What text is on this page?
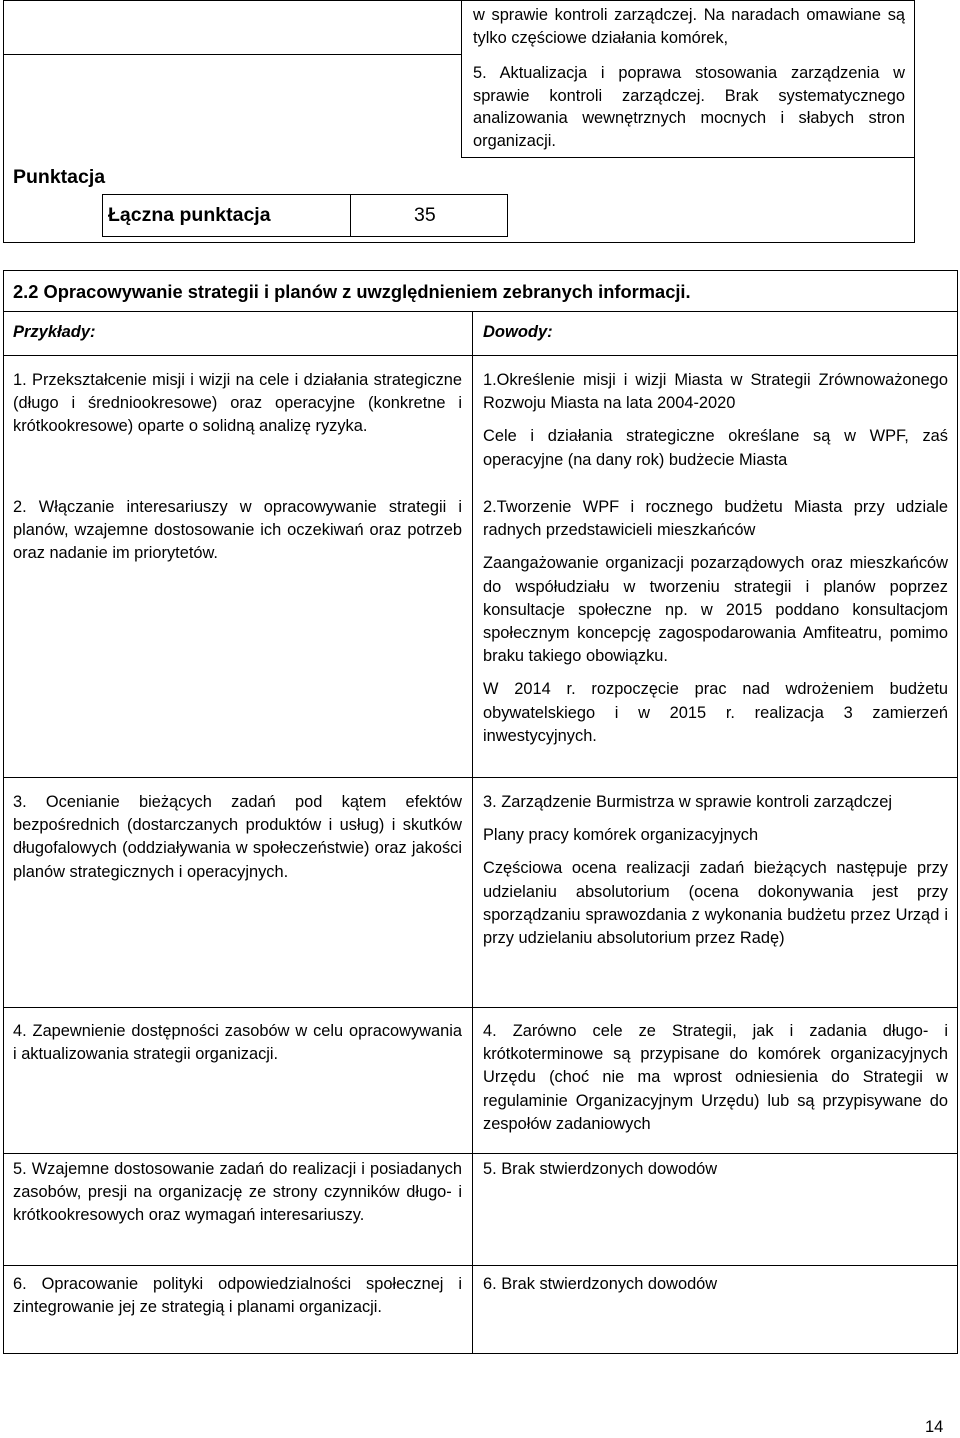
w sprawie kontroli zarządczej. Na naradach omawiane są tylko częściowe działania komórek,

5. Aktualizacja i poprawa stosowania zarządzenia w sprawie kontroli zarządczej. Brak systematycznego analizowania wewnętrznych mocnych i słabych stron organizacji.

Punktacja
Łączna punktacja	35
2.2 Opracowywanie strategii i planów z uwzględnieniem zebranych informacji.
Przykłady:	Dowody:

1. Przekształcenie misji i wizji na cele i działania strategiczne (długo i średniookresowe) oraz operacyjne (konkretne i krótkookresowe) oparte o solidną analizę ryzyka.

1.Określenie misji i wizji Miasta w Strategii Zrównoważonego Rozwoju Miasta na lata 2004-2020

Cele i działania strategiczne określane są w WPF, zaś operacyjne (na dany rok) budżecie Miasta

2. Włączanie interesariuszy w opracowywanie strategii i planów, wzajemne dostosowanie ich oczekiwań oraz potrzeb oraz nadanie im priorytetów.

2.Tworzenie WPF i rocznego budżetu Miasta przy udziale radnych przedstawicieli mieszkańców

Zaangażowanie organizacji pozarządowych oraz mieszkańców do współudziału w tworzeniu strategii i planów poprzez konsultacje społeczne np. w 2015 poddano konsultacjom społecznym koncepcję zagospodarowania Amfiteatru, pomimo braku takiego obowiązku.

W 2014 r. rozpoczęcie prac nad wdrożeniem budżetu obywatelskiego i w 2015 r. realizacja 3 zamierzeń inwestycyjnych.

3. Ocenianie bieżących zadań pod kątem efektów bezpośrednich (dostarczanych produktów i usług) i skutków długofalowych (oddziaływania w społeczeństwie) oraz jakości planów strategicznych i operacyjnych.

3. Zarządzenie Burmistrza w sprawie kontroli zarządczej

Plany pracy komórek organizacyjnych

Częściowa ocena realizacji zadań bieżących następuje przy udzielaniu absolutorium (ocena dokonywania jest przy sporządzaniu sprawozdania z wykonania budżetu przez Urząd i przy udzielaniu absolutorium przez Radę)

4. Zapewnienie dostępności zasobów w celu opracowywania i aktualizowania strategii organizacji.

4. Zarówno cele ze Strategii, jak i zadania długo- i krótkoterminowe są przypisane do komórek organizacyjnych Urzędu (choć nie ma wprost odniesienia do Strategii w regulaminie Organizacyjnym Urzędu) lub są przypisywane do zespołów zadaniowych

5. Wzajemne dostosowanie zadań do realizacji i posiadanych zasobów, presji na organizację ze strony czynników długo- i krótkookresowych oraz wymagań interesariuszy.

5. Brak stwierdzonych dowodów

6. Opracowanie polityki odpowiedzialności społecznej i zintegrowanie jej ze strategią i planami organizacji.

6. Brak stwierdzonych dowodów

14
